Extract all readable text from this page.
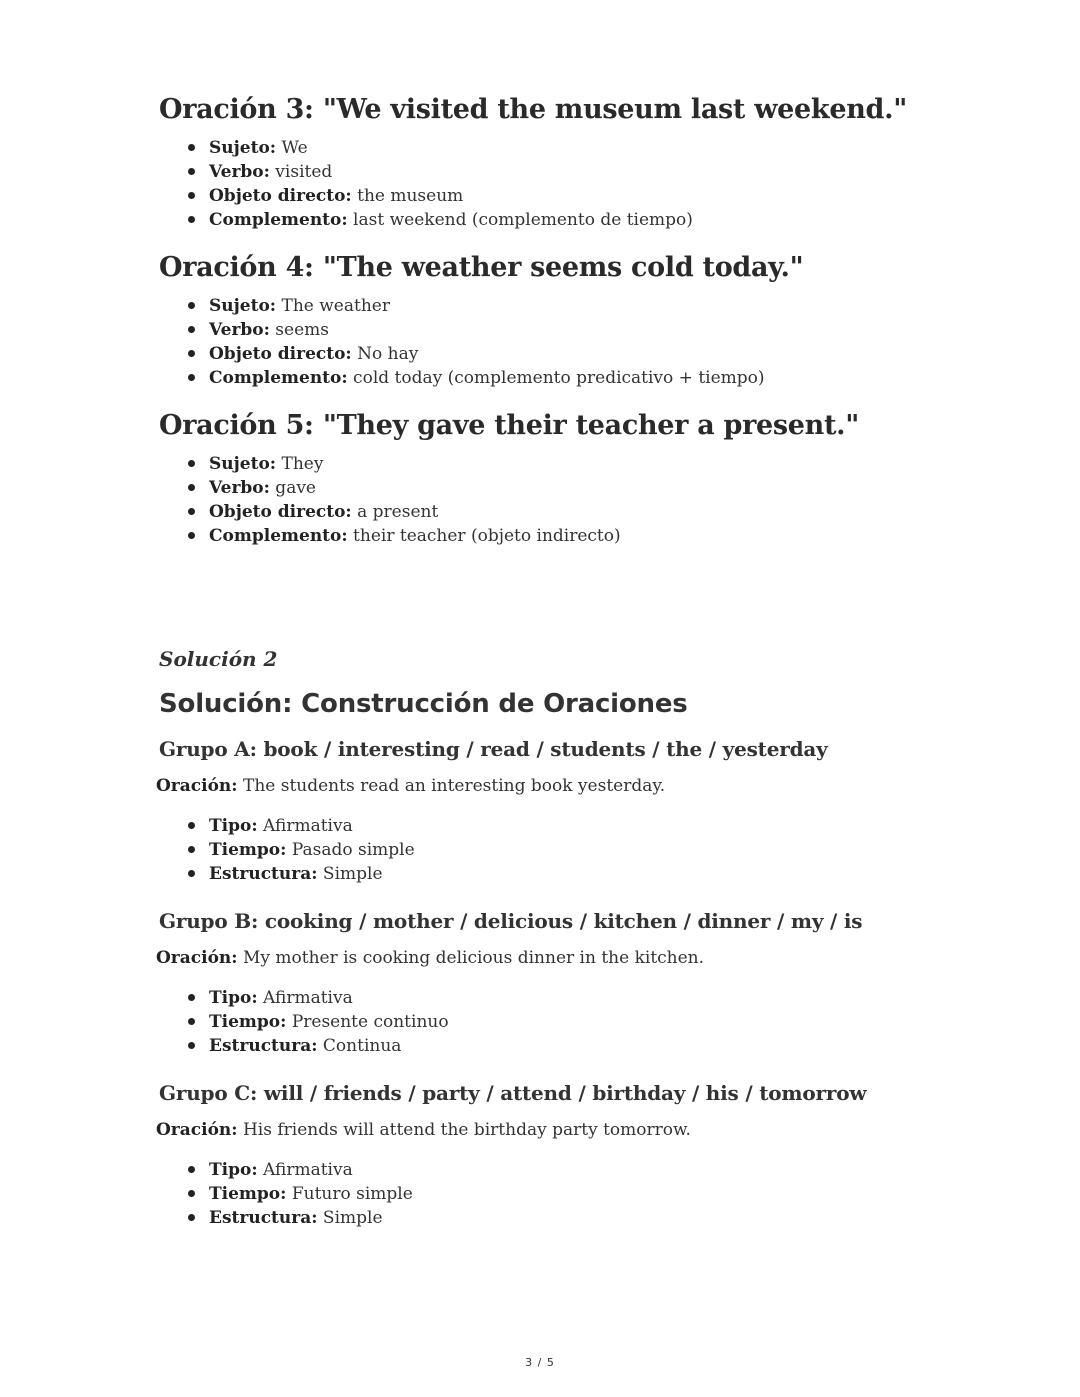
Oración 3: "We visited the museum last weekend."
Sujeto: We
Verbo: visited
Objeto directo: the museum
Complemento: last weekend (complemento de tiempo)
Oración 4: "The weather seems cold today."
Sujeto: The weather
Verbo: seems
Objeto directo: No hay
Complemento: cold today (complemento predicativo + tiempo)
Oración 5: "They gave their teacher a present."
Sujeto: They
Verbo: gave
Objeto directo: a present
Complemento: their teacher (objeto indirecto)
Solución 2
Solución: Construcción de Oraciones
Grupo A: book / interesting / read / students / the / yesterday

Oración: The students read an interesting book yesterday.

Tipo: Afirmativa
Tiempo: Pasado simple
Estructura: Simple
Grupo B: cooking / mother / delicious / kitchen / dinner / my / is

Oración: My mother is cooking delicious dinner in the kitchen.

Tipo: Afirmativa
Tiempo: Presente continuo
Estructura: Continua
Grupo C: will / friends / party / attend / birthday / his / tomorrow

Oración: His friends will attend the birthday party tomorrow.

Tipo: Afirmativa
Tiempo: Futuro simple
Estructura: Simple
3 / 5
